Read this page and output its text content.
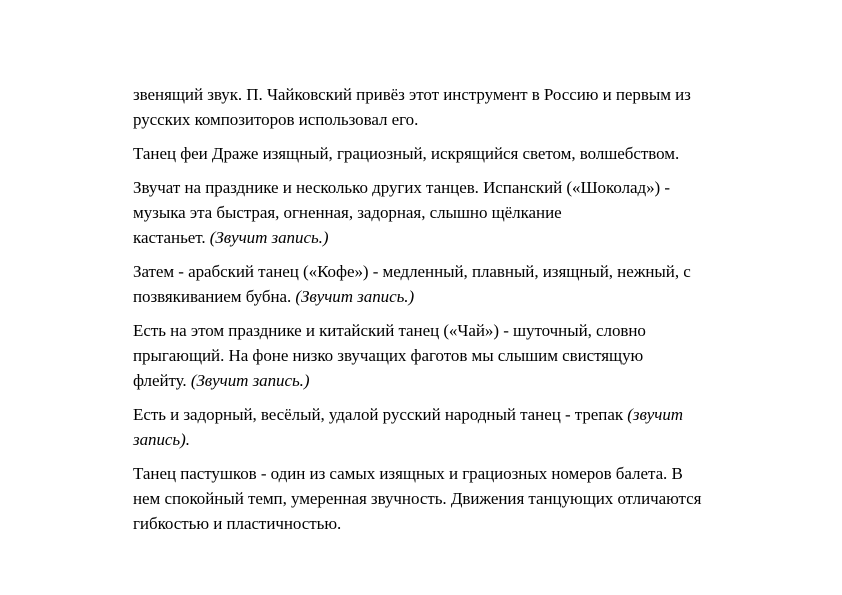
звенящий звук. П. Чайковский привёз этот инструмент в Россию и первым из
русских композиторов использовал его.

Танец феи Драже изящный, грациозный, искрящийся светом, волшебством.

Звучат на празднике и несколько других танцев. Испанский («Шоколад») -
музыка эта быстрая, огненная, задорная, слышно щёлкание
кастаньет. (Звучит запись.)

Затем - арабский танец («Кофе») - медленный, плавный, изящный, нежный, с
позвякиванием бубна. (Звучит запись.)

Есть на этом празднике и китайский танец («Чай») - шуточный, словно
прыгающий. На фоне низко звучащих фаготов мы слышим свистящую
флейту. (Звучит запись.)

Есть и задорный, весёлый, удалой русский народный танец - трепак (звучит
запись).

Танец пастушков - один из самых изящных и грациозных номеров балета. В
нем спокойный темп, умеренная звучность. Движения танцующих отличаются
гибкостью и пластичностью.
